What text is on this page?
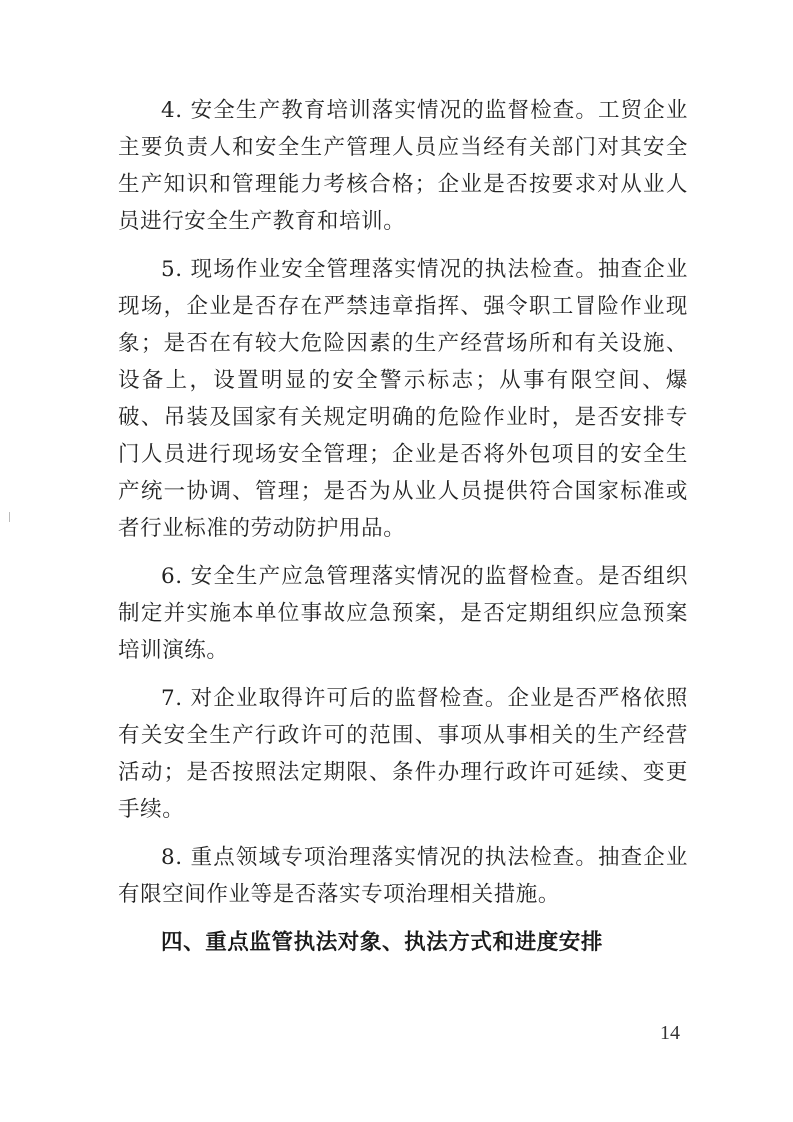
4. 安全生产教育培训落实情况的监督检查。工贸企业主要负责人和安全生产管理人员应当经有关部门对其安全生产知识和管理能力考核合格；企业是否按要求对从业人员进行安全生产教育和培训。

5. 现场作业安全管理落实情况的执法检查。抽查企业现场，企业是否存在严禁违章指挥、强令职工冒险作业现象；是否在有较大危险因素的生产经营场所和有关设施、设备上，设置明显的安全警示标志；从事有限空间、爆破、吊装及国家有关规定明确的危险作业时，是否安排专门人员进行现场安全管理；企业是否将外包项目的安全生产统一协调、管理；是否为从业人员提供符合国家标准或者行业标准的劳动防护用品。

6. 安全生产应急管理落实情况的监督检查。是否组织制定并实施本单位事故应急预案，是否定期组织应急预案培训演练。

7. 对企业取得许可后的监督检查。企业是否严格依照有关安全生产行政许可的范围、事项从事相关的生产经营活动；是否按照法定期限、条件办理行政许可延续、变更手续。

8. 重点领域专项治理落实情况的执法检查。抽查企业有限空间作业等是否落实专项治理相关措施。

四、重点监管执法对象、执法方式和进度安排

14
